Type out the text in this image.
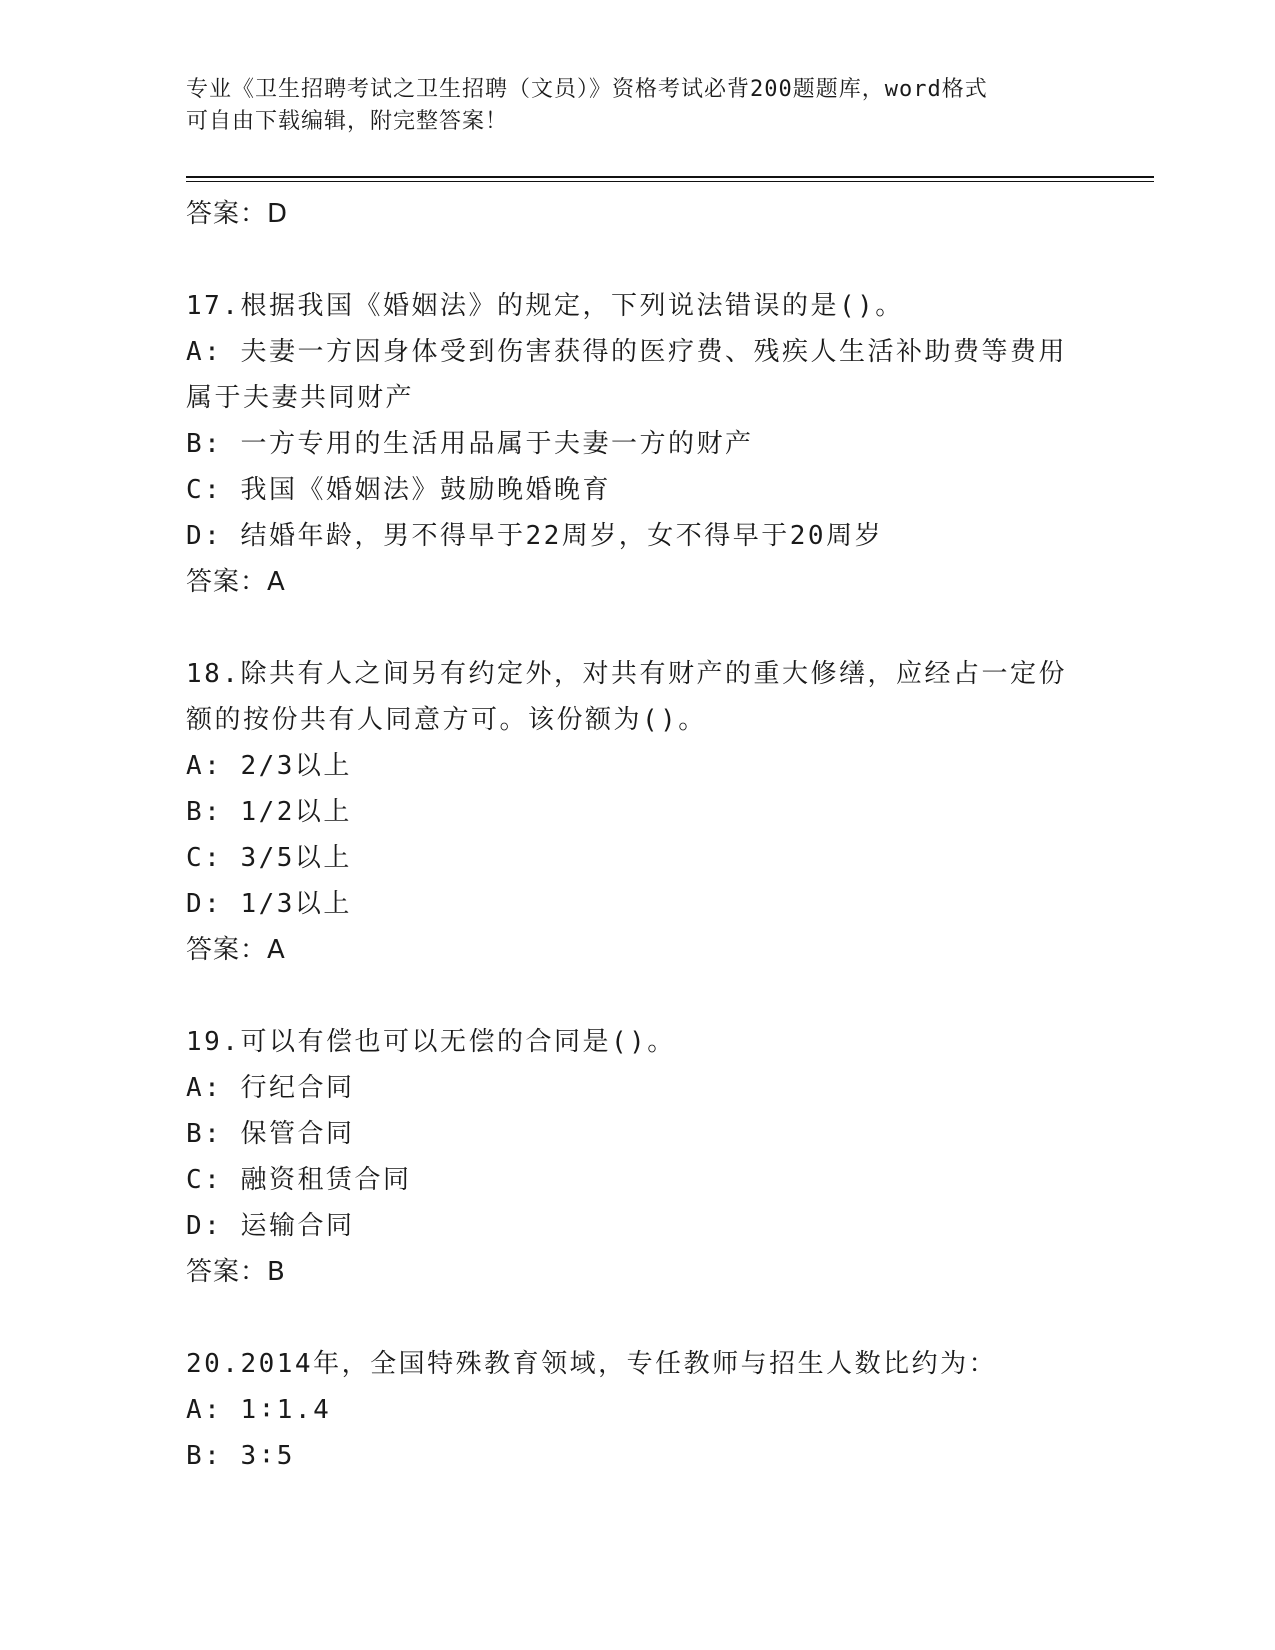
专业《卫生招聘考试之卫生招聘（文员）》资格考试必背200题题库，word格式
可自由下载编辑，附完整答案！
答案：D
17.根据我国《婚姻法》的规定，下列说法错误的是()。
A: 夫妻一方因身体受到伤害获得的医疗费、残疾人生活补助费等费用
属于夫妻共同财产
B: 一方专用的生活用品属于夫妻一方的财产
C: 我国《婚姻法》鼓励晚婚晚育
D: 结婚年龄，男不得早于22周岁，女不得早于20周岁
答案：A
18.除共有人之间另有约定外，对共有财产的重大修缮，应经占一定份
额的按份共有人同意方可。该份额为()。
A: 2/3以上
B: 1/2以上
C: 3/5以上
D: 1/3以上
答案：A
19.可以有偿也可以无偿的合同是()。
A: 行纪合同
B: 保管合同
C: 融资租赁合同
D: 运输合同
答案：B
20.2014年，全国特殊教育领域，专任教师与招生人数比约为：
A: 1∶1.4
B: 3∶5
